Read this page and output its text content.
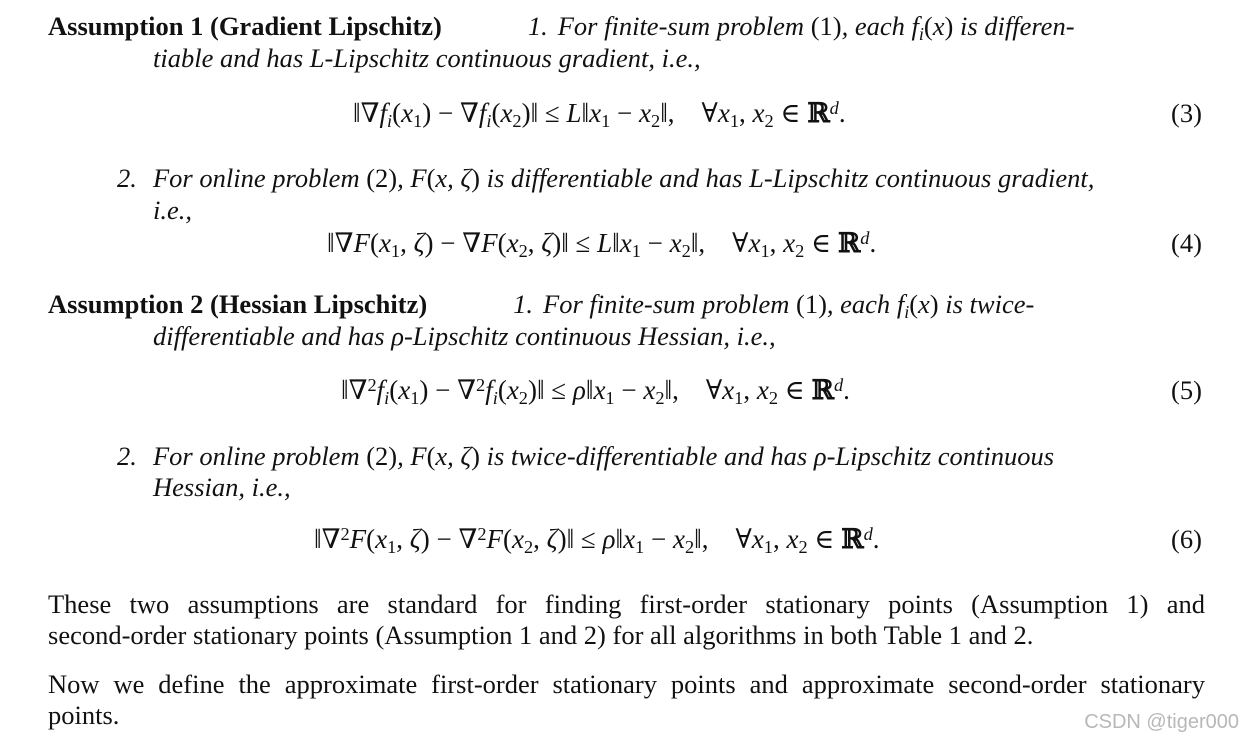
Assumption 1 (Gradient Lipschitz)	1. For finite-sum problem (1) , each $f_i(x)$ is differen-
tiable and has L-Lipschitz continuous gradient, i.e.,
$‖\nabla f_i(x_1)$ − $\nabla f_i(x_2)‖$ ≤ $L‖x_1$ − $x_2‖$,    $\forall x_1$, $x_2$ ∈ ℝ$^d$.	(3)
2. For online problem (2) , F(x, ζ) is differentiable and has L-Lipschitz continuous gradient,
i.e.,
$‖\nabla F(x_1$, $\zeta) - \nabla F(x_2$, ζ)‖ ≤ $L‖x_1$ − $x_2‖$,    $\forall x_1$, $x_2$ ∈ ℝ$^d$.	(4)
Assumption 2 (Hessian Lipschitz)	1. For finite-sum problem (1) , each $f_i(x)$ is twice-
differentiable and has ρ-Lipschitz continuous Hessian, i.e.,
$‖\nabla^2f_i(x_1)$ − $\nabla^2f_i(x_2)‖$ ≤ $\rho‖x_1$ − $x_2‖$,    $\forall x_1$, $x_2$ ∈ ℝ$^d$.	(5)
2. For online problem (2) , F(x, ζ) is twice-differentiable and has ρ-Lipschitz continuous
Hessian, i.e.,
$‖\nabla^2F(x_1$, $\zeta) - \nabla^2F(x_2$, ζ)‖ ≤ $\rho‖x_1$ − $x_2‖$,    $\forall x_1$, $x_2$ ∈ ℝ$^d$.	(6)
These two assumptions are standard for finding first-order stationary points (Assumption 1) and
second-order stationary points (Assumption 1 and 2) for all algorithms in both Table 1 and 2.
Now we define the approximate first-order stationary points and approximate second-order stationary
points.	CSDN @tiger000
